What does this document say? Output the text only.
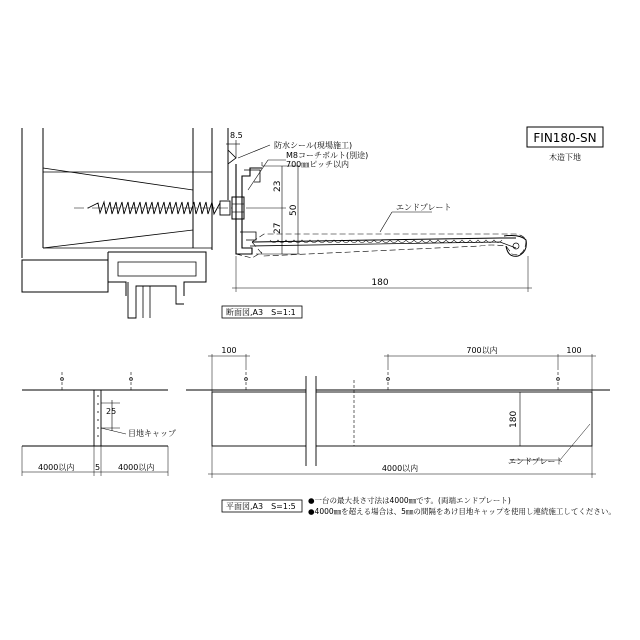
FIN180-SN
木造下地
8.5
防水シール(現場施工)
M8コーチボルト(別途)
700㎜ピッチ以内
23
27
50	エンドプレート
180
断面図,A3　S=1:1
25
目地キャップ
4000以内	5 4000以内
100	700以内	100
180
エンドプレート
4000以内
平面図,A3　S=1:5
●一台の最大長さ寸法は4000㎜です。(両端エンドプレート)
●4000㎜を超える場合は、5㎜の間隔をあけ目地キャップを使用し連続施工してください。
